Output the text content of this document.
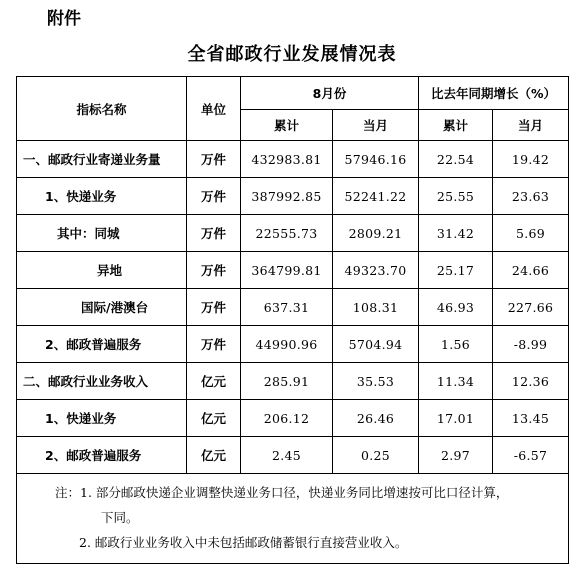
附件
全省邮政行业发展情况表
指标名称	单位	8月份		比去年同期增长（%）	
		累计	当月	累计	当月
一、邮政行业寄递业务量	万件	432983.81	57946.16	22.54	19.42
1、快递业务	万件	387992.85	52241.22	25.55	23.63
其中：同城	万件	22555.73	2809.21	31.42	5.69
异地	万件	364799.81	49323.70	25.17	24.66
国际/港澳台	万件	637.31	108.31	46.93	227.66
2、邮政普遍服务	万件	44990.96	5704.94	1.56	-8.99
二、邮政行业业务收入	亿元	285.91	35.53	11.34	12.36
1、快递业务	亿元	206.12	26.46	17.01	13.45
2、邮政普遍服务	亿元	2.45	0.25	2.97	-6.57

注：1. 部分邮政快递企业调整快递业务口径，快递业务同比增速按可比口径计算，
下同。
2. 邮政行业业务收入中未包括邮政储蓄银行直接营业收入。					
